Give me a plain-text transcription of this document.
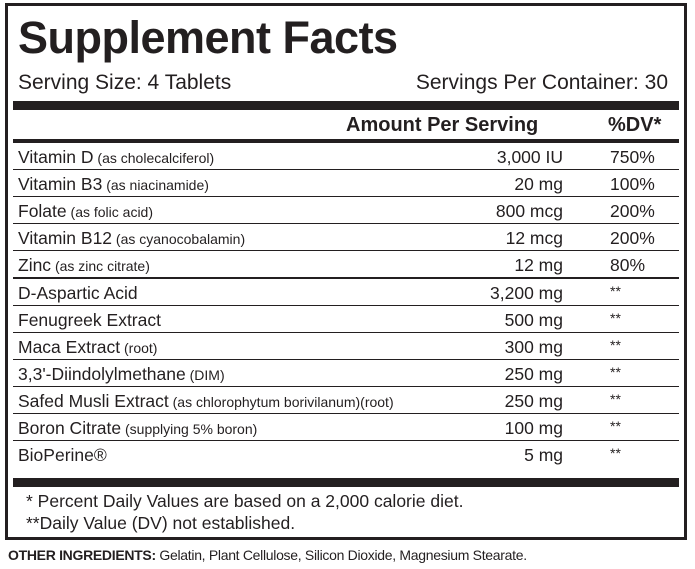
Supplement Facts
Serving Size: 4 Tablets	Servings Per Container: 30
Amount Per Serving	%DV*
Vitamin D (as cholecalciferol)	3,000 IU	750%
Vitamin B3 (as niacinamide)	20 mg	100%
Folate (as folic acid)	800 mcg	200%
Vitamin B12 (as cyanocobalamin)	12 mcg	200%
Zinc (as zinc citrate)	12 mg	80%
D-Aspartic Acid	3,200 mg	**
Fenugreek Extract	500 mg	**
Maca Extract (root)	300 mg	**
3,3'-Diindolylmethane (DIM)	250 mg	**
Safed Musli Extract (as chlorophytum borivilanum)(root)	250 mg	**
Boron Citrate (supplying 5% boron)	100 mg	**
BioPerine®	5 mg	**
* Percent Daily Values are based on a 2,000 calorie diet.
**Daily Value (DV) not established.
OTHER INGREDIENTS: Gelatin, Plant Cellulose, Silicon Dioxide, Magnesium Stearate.
